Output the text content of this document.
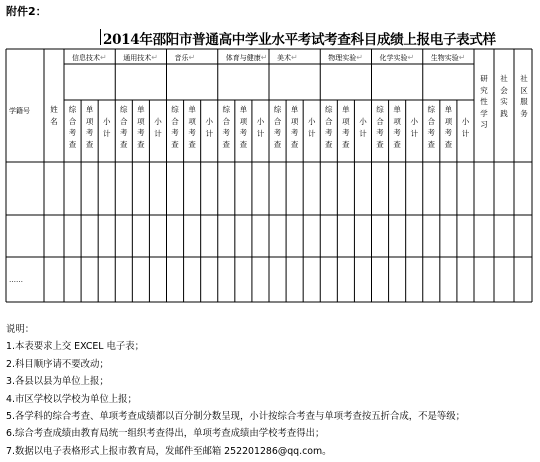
附件2：
2014年邵阳市普通高中学业水平考试考查科目成绩上报电子表式样
信息技术↵
综合考查
单项考查
小计
通用技术↵
综合考查
单项考查
小计
音乐↵
综合考查
单项考查
小计
体育与健康↵
综合考查
单项考查
小计
美术↵
综合考查
单项考查
小计
物理实验↵
综合考查
单项考查
小计
化学实验↵
综合考查
单项考查
小计
生物实验↵
综合考查
单项考查
小计
研究性学习
社会实践
社区服务
学籍号	姓名
……
说明：
1.本表要求上交 EXCEL 电子表；
2.科目顺序请不要改动；
3.各县以县为单位上报；
4.市区学校以学校为单位上报；
5.各学科的综合考查、单项考查成绩都以百分制分数呈现，小计按综合考查与单项考查按五折合成，不是等级；
6.综合考查成绩由教育局统一组织考查得出，单项考查成绩由学校考查得出；
7.数据以电子表格形式上报市教育局，发邮件至邮箱 252201286@qq.com。
